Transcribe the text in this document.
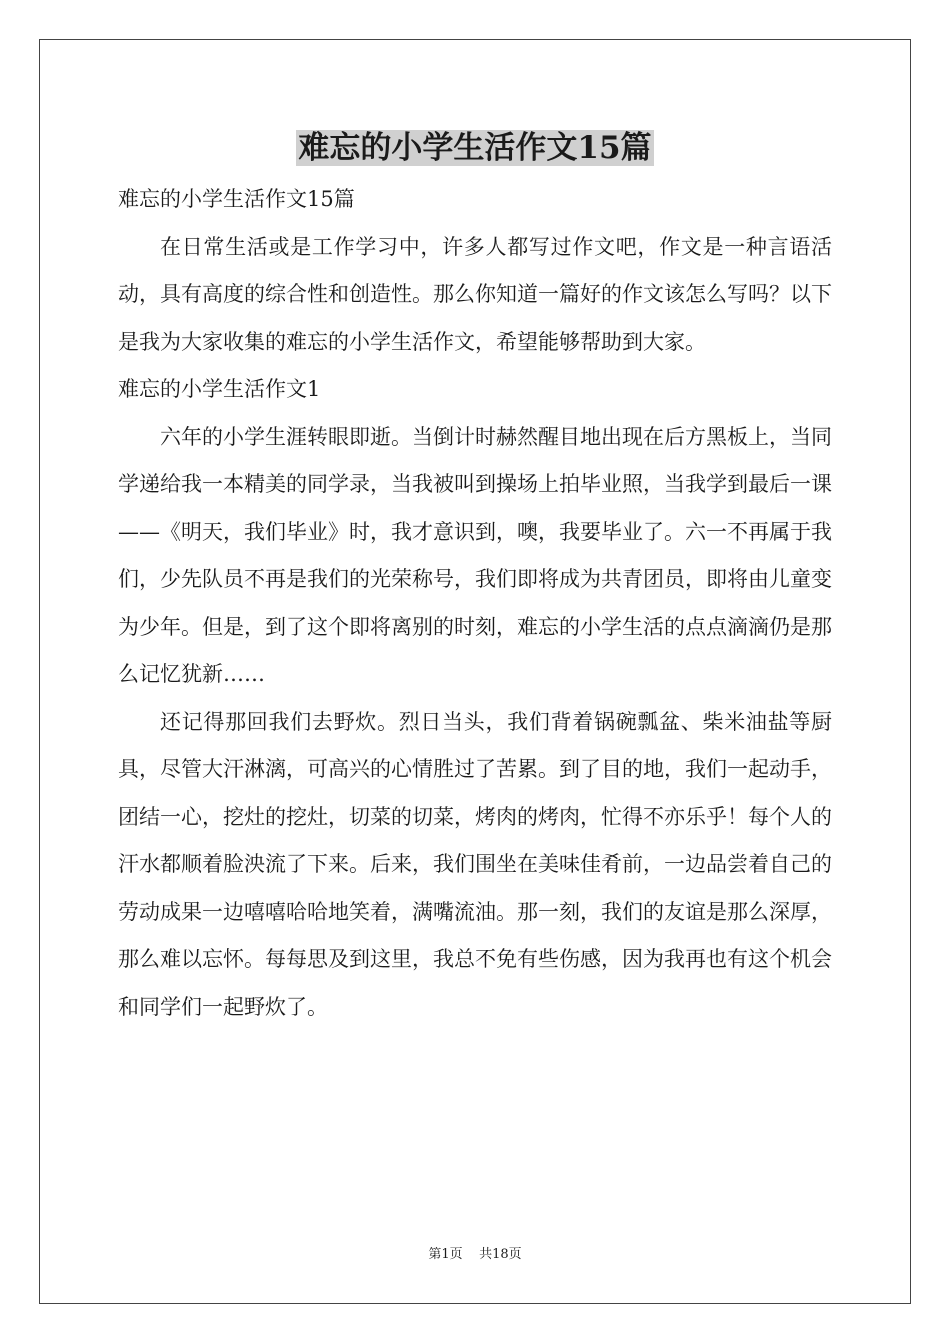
难忘的小学生活作文15篇

难忘的小学生活作文15篇

在日常生活或是工作学习中，许多人都写过作文吧，作文是一种言语活动，具有高度的综合性和创造性。那么你知道一篇好的作文该怎么写吗？以下是我为大家收集的难忘的小学生活作文，希望能够帮助到大家。

难忘的小学生活作文1

六年的小学生涯转眼即逝。当倒计时赫然醒目地出现在后方黑板上，当同学递给我一本精美的同学录，当我被叫到操场上拍毕业照，当我学到最后一课——《明天，我们毕业》时，我才意识到，噢，我要毕业了。六一不再属于我们，少先队员不再是我们的光荣称号，我们即将成为共青团员，即将由儿童变为少年。但是，到了这个即将离别的时刻，难忘的小学生活的点点滴滴仍是那么记忆犹新……

还记得那回我们去野炊。烈日当头，我们背着锅碗瓢盆、柴米油盐等厨具，尽管大汗淋漓，可高兴的心情胜过了苦累。到了目的地，我们一起动手，团结一心，挖灶的挖灶，切菜的切菜，烤肉的烤肉，忙得不亦乐乎！每个人的汗水都顺着脸泱流了下来。后来，我们围坐在美味佳肴前，一边品尝着自己的劳动成果一边嘻嘻哈哈地笑着，满嘴流油。那一刻，我们的友谊是那么深厚，那么难以忘怀。每每思及到这里，我总不免有些伤感，因为我再也有这个机会和同学们一起野炊了。

第1页 共18页
